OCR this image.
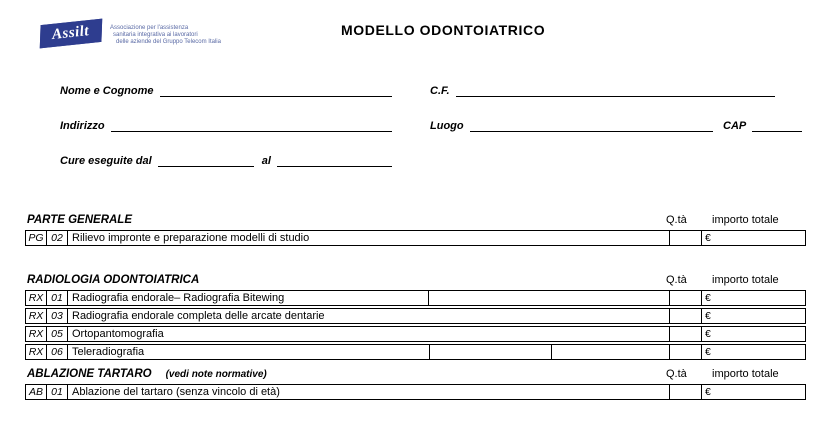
Assilt	Associazione per l'assistenza
sanitaria integrativa ai lavoratori
delle aziende del Gruppo Telecom Italia
MODELLO ODONTOIATRICO
Nome e Cognome	C.F.
Indirizzo	Luogo	CAP
Cure eseguite dal	al
PARTE GENERALE	Q.tà importo totale
PG 02 Rilievo impronte e preparazione modelli di studio	€
RADIOLOGIA ODONTOIATRICA	Q.tà importo totale
RX 01 Radiografia endorale– Radiografia Bitewing	€
RX 03 Radiografia endorale completa delle arcate dentarie	€
RX 05 Ortopantomografia	€
RX 06 Teleradiografia	€
ABLAZIONE TARTARO (vedi note normative)	Q.tà importo totale
AB 01 Ablazione del tartaro (senza vincolo di età)	€
